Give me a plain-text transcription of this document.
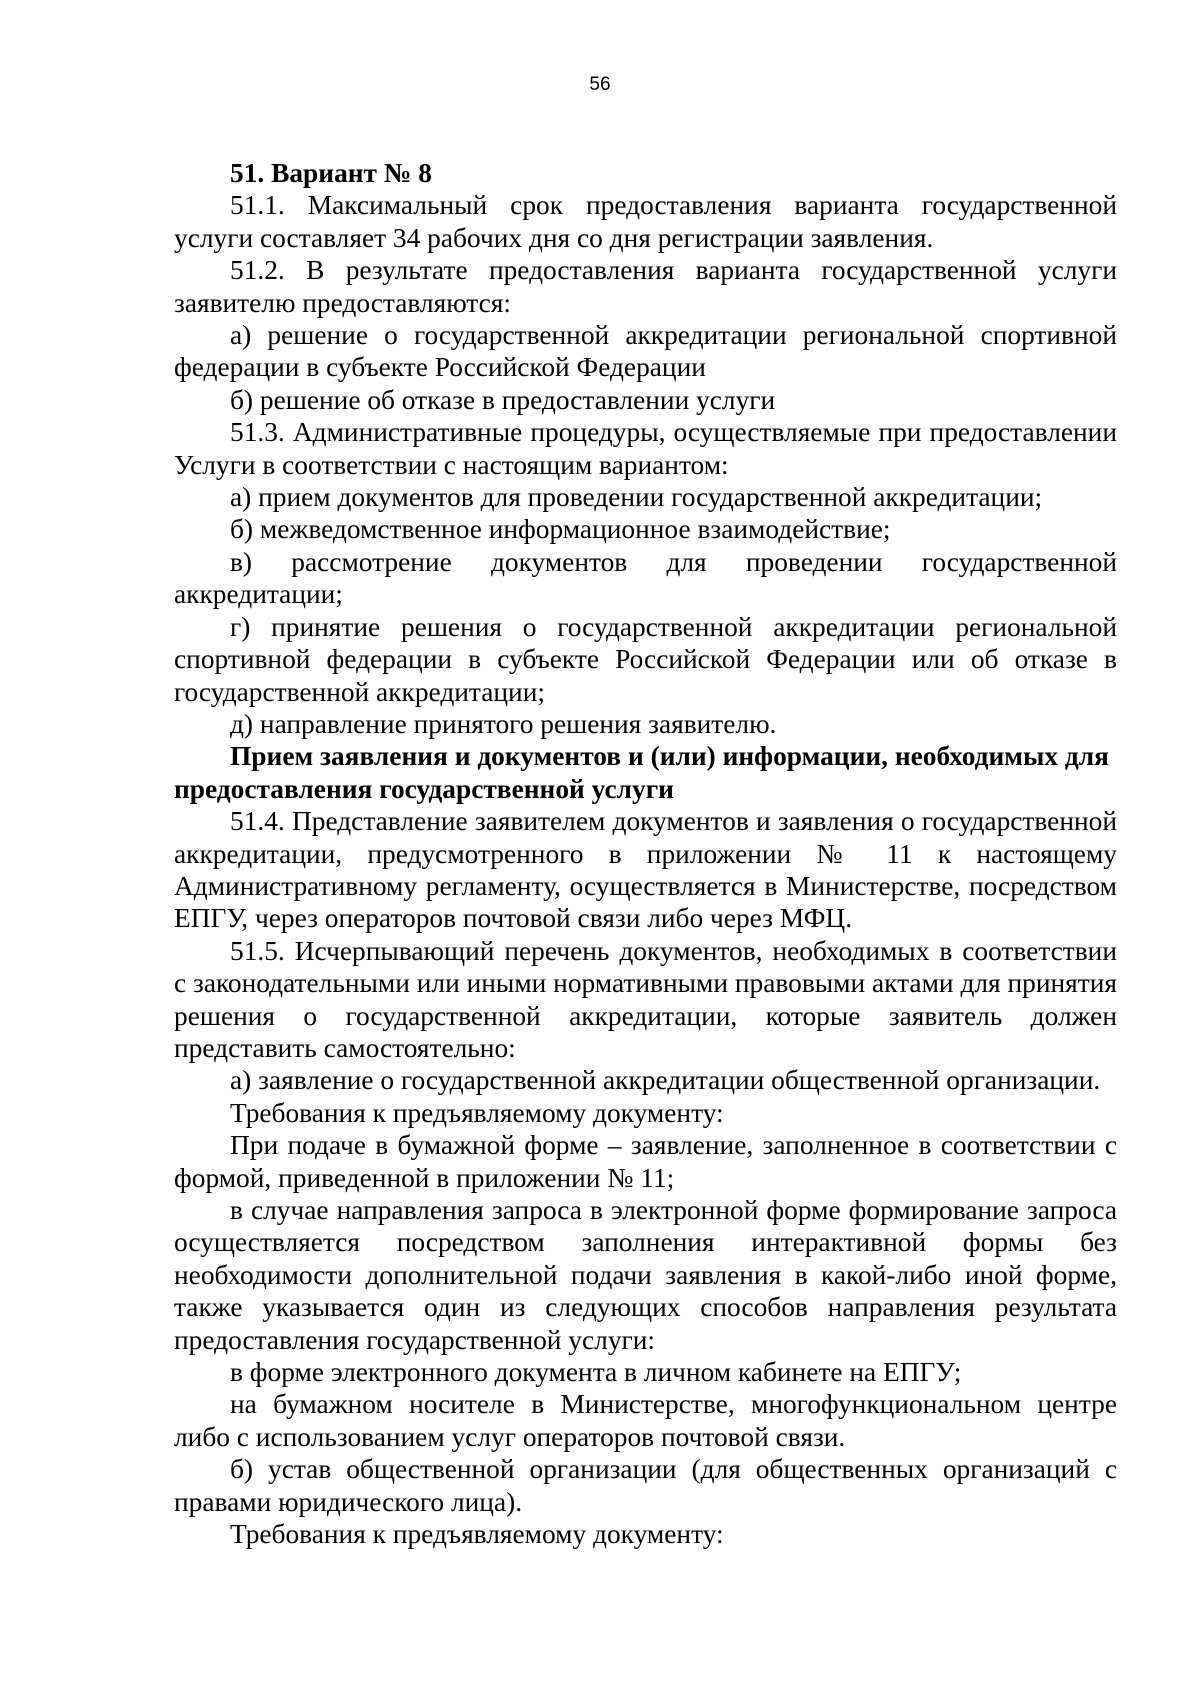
56

51. Вариант № 8

51.1. Максимальный срок предоставления варианта государственной услуги составляет 34 рабочих дня со дня регистрации заявления.

51.2. В результате предоставления варианта государственной услуги заявителю предоставляются:

а) решение о государственной аккредитации региональной спортивной федерации в субъекте Российской Федерации

б) решение об отказе в предоставлении услуги

51.3. Административные процедуры, осуществляемые при предоставлении Услуги в соответствии с настоящим вариантом:

а) прием документов для проведении государственной аккредитации;

б) межведомственное информационное взаимодействие;

в) рассмотрение документов для проведении государственной аккредитации;

г) принятие решения о государственной аккредитации региональной спортивной федерации в субъекте Российской Федерации или об отказе в государственной аккредитации;

д) направление принятого решения заявителю.

Прием заявления и документов и (или) информации, необходимых для предоставления государственной услуги

51.4. Представление заявителем документов и заявления о государственной аккредитации, предусмотренного в приложении № 11 к настоящему Административному регламенту, осуществляется в Министерстве, посредством ЕПГУ, через операторов почтовой связи либо через МФЦ.

51.5. Исчерпывающий перечень документов, необходимых в соответствии с законодательными или иными нормативными правовыми актами для принятия решения о государственной аккредитации, которые заявитель должен представить самостоятельно:

а) заявление о государственной аккредитации общественной организации.

Требования к предъявляемому документу:

При подаче в бумажной форме – заявление, заполненное в соответствии с формой, приведенной в приложении № 11;

в случае направления запроса в электронной форме формирование запроса осуществляется посредством заполнения интерактивной формы без необходимости дополнительной подачи заявления в какой-либо иной форме, также указывается один из следующих способов направления результата предоставления государственной услуги:

в форме электронного документа в личном кабинете на ЕПГУ;

на бумажном носителе в Министерстве, многофункциональном центре либо с использованием услуг операторов почтовой связи.

б) устав общественной организации (для общественных организаций с правами юридического лица).

Требования к предъявляемому документу:
